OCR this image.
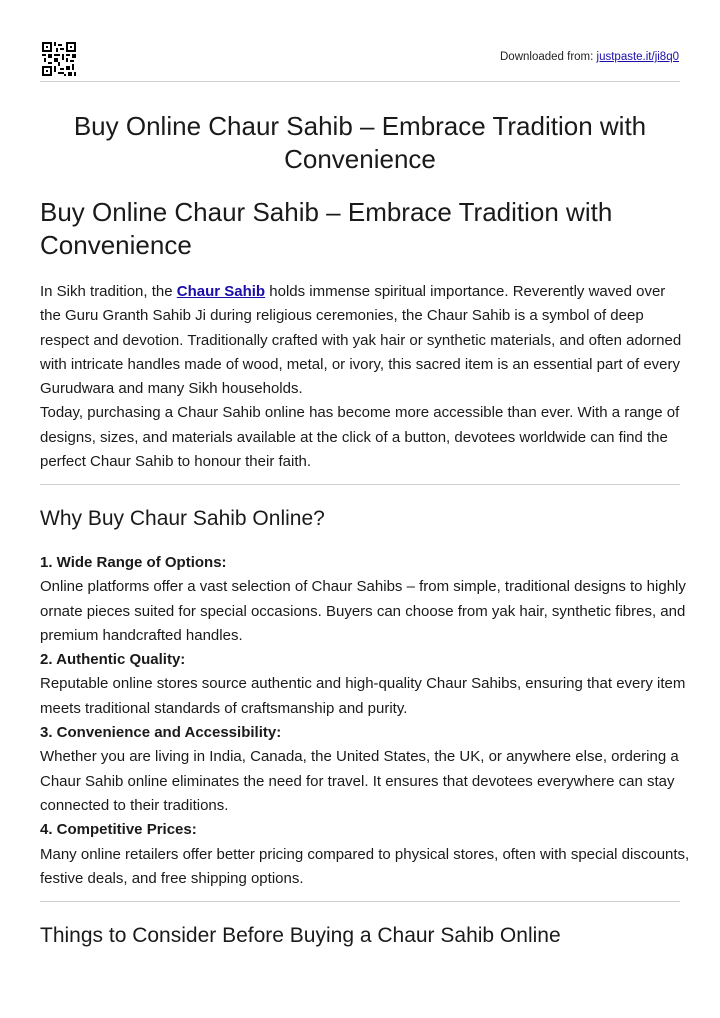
Downloaded from: justpaste.it/ji8q0
Buy Online Chaur Sahib – Embrace Tradition with Convenience
Buy Online Chaur Sahib – Embrace Tradition with Convenience

In Sikh tradition, the Chaur Sahib holds immense spiritual importance. Reverently waved over the Guru Granth Sahib Ji during religious ceremonies, the Chaur Sahib is a symbol of deep respect and devotion. Traditionally crafted with yak hair or synthetic materials, and often adorned with intricate handles made of wood, metal, or ivory, this sacred item is an essential part of every Gurudwara and many Sikh households.

Today, purchasing a Chaur Sahib online has become more accessible than ever. With a range of designs, sizes, and materials available at the click of a button, devotees worldwide can find the perfect Chaur Sahib to honour their faith.

Why Buy Chaur Sahib Online?
1. Wide Range of Options:
Online platforms offer a vast selection of Chaur Sahibs – from simple, traditional designs to highly ornate pieces suited for special occasions. Buyers can choose from yak hair, synthetic fibres, and premium handcrafted handles.
2. Authentic Quality:
Reputable online stores source authentic and high-quality Chaur Sahibs, ensuring that every item meets traditional standards of craftsmanship and purity.
3. Convenience and Accessibility:
Whether you are living in India, Canada, the United States, the UK, or anywhere else, ordering a Chaur Sahib online eliminates the need for travel. It ensures that devotees everywhere can stay connected to their traditions.
4. Competitive Prices:
Many online retailers offer better pricing compared to physical stores, often with special discounts, festive deals, and free shipping options.
Things to Consider Before Buying a Chaur Sahib Online
